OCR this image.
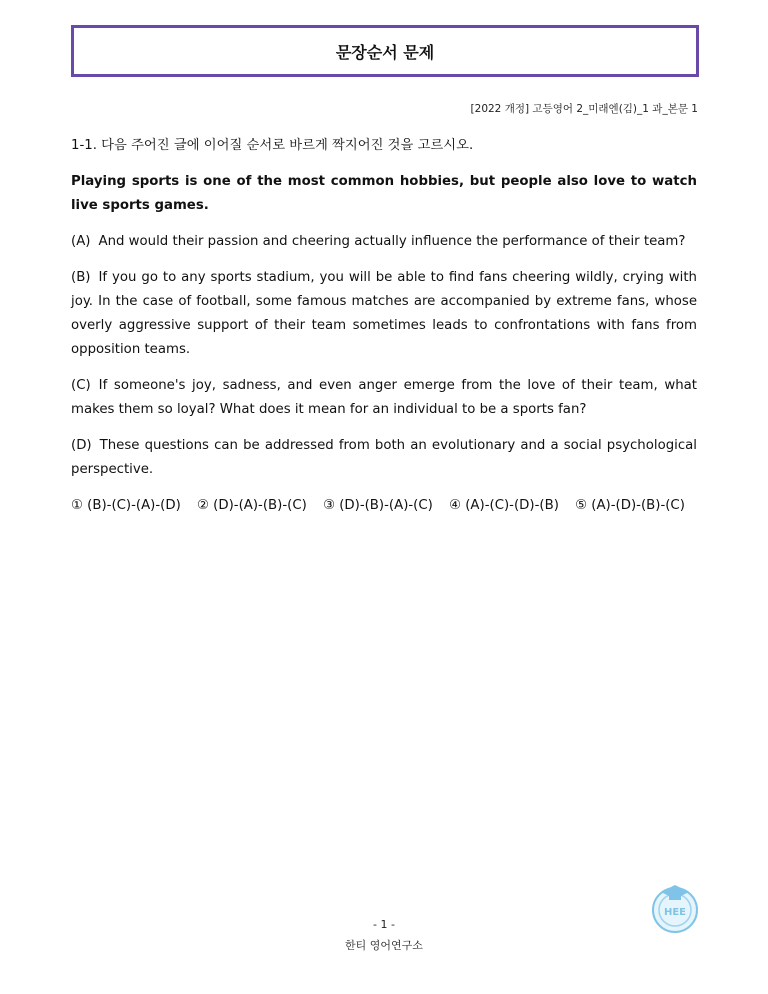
문장순서 문제
[2022 개정] 고등영어 2_미래엔(김)_1 과_본문 1

1-1. 다음 주어진 글에 이어질 순서로 바르게 짝지어진 것을 고르시오.

Playing sports is one of the most common hobbies, but people also love to watch live sports games.

(A) And would their passion and cheering actually influence the performance of their team?

(B) If you go to any sports stadium, you will be able to find fans cheering wildly, crying with joy. In the case of football, some famous matches are accompanied by extreme fans, whose overly aggressive support of their team sometimes leads to confrontations with fans from opposition teams.

(C) If someone's joy, sadness, and even anger emerge from the love of their team, what makes them so loyal? What does it mean for an individual to be a sports fan?

(D) These questions can be addressed from both an evolutionary and a social psychological perspective.

① (B)-(C)-(A)-(D) ② (D)-(A)-(B)-(C) ③ (D)-(B)-(A)-(C) ④ (A)-(C)-(D)-(B) ⑤ (A)-(D)-(B)-(C)

HEE
- 1 -
한티 영어연구소
